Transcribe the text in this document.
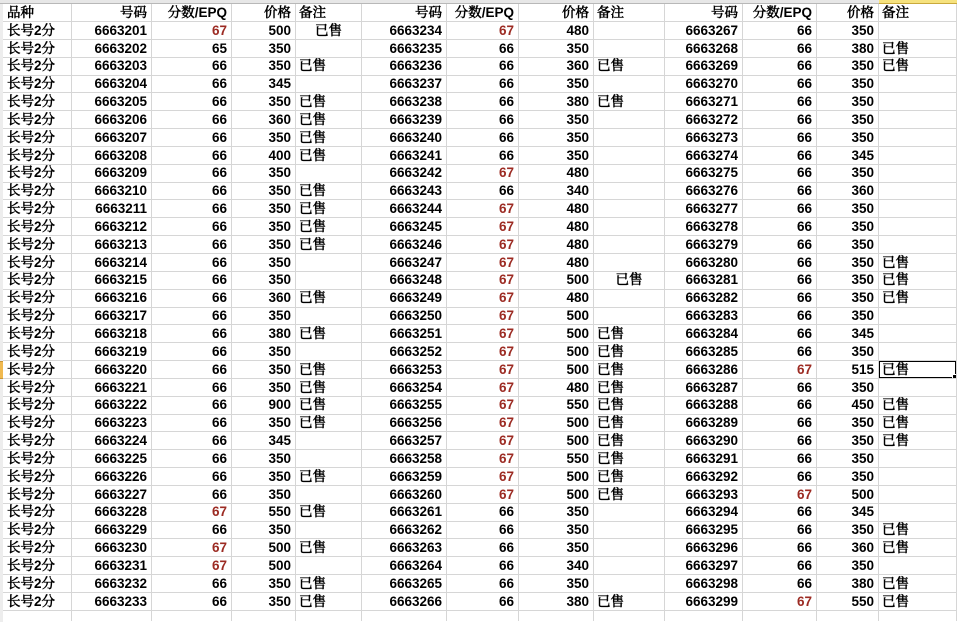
品种	号码	分数/EPQ	价格 备注	号码 分数/EPQ	价格 备注	号码	分数/EPQ	价格 备注
长号2分	6663201	67	500	已售	6663234	67	480	6663267	66	350
长号2分	6663202	65	350	6663235	66	350	6663268	66	380 已售
长号2分	6663203	66	350 已售	6663236	66	360 已售	6663269	66	350 已售
长号2分	6663204	66	345	6663237	66	350	6663270	66	350
长号2分	6663205	66	350 已售	6663238	66	380 已售	6663271	66	350
长号2分	6663206	66	360 已售	6663239	66	350	6663272	66	350
长号2分	6663207	66	350 已售	6663240	66	350	6663273	66	350
长号2分	6663208	66	400 已售	6663241	66	350	6663274	66	345
长号2分	6663209	66	350	6663242	67	480	6663275	66	350
长号2分	6663210	66	350 已售	6663243	66	340	6663276	66	360
长号2分	6663211	66	350 已售	6663244	67	480	6663277	66	350
长号2分	6663212	66	350 已售	6663245	67	480	6663278	66	350
长号2分	6663213	66	350 已售	6663246	67	480	6663279	66	350
长号2分	6663214	66	350	6663247	67	480	6663280	66	350 已售
长号2分	6663215	66	350	6663248	67	500	已售	6663281	66	350 已售
长号2分	6663216	66	360 已售	6663249	67	480	6663282	66	350 已售
长号2分	6663217	66	350	6663250	67	500	6663283	66	350
长号2分	6663218	66	380 已售	6663251	67	500 已售	6663284	66	345
长号2分	6663219	66	350	6663252	67	500 已售	6663285	66	350
长号2分	6663220	66	350 已售	6663253	67	500 已售	6663286	67	515 已售
长号2分	6663221	66	350 已售	6663254	67	480 已售	6663287	66	350
长号2分	6663222	66	900 已售	6663255	67	550 已售	6663288	66	450 已售
长号2分	6663223	66	350 已售	6663256	67	500 已售	6663289	66	350 已售
长号2分	6663224	66	345	6663257	67	500 已售	6663290	66	350 已售
长号2分	6663225	66	350	6663258	67	550 已售	6663291	66	350
长号2分	6663226	66	350 已售	6663259	67	500 已售	6663292	66	350
长号2分	6663227	66	350	6663260	67	500 已售	6663293	67	500
长号2分	6663228	67	550 已售	6663261	66	350	6663294	66	345
长号2分	6663229	66	350	6663262	66	350	6663295	66	350 已售
长号2分	6663230	67	500 已售	6663263	66	350	6663296	66	360 已售
长号2分	6663231	67	500	6663264	66	340	6663297	66	350
长号2分	6663232	66	350 已售	6663265	66	350	6663298	66	380 已售
长号2分	6663233	66	350 已售	6663266	66	380 已售	6663299	67	550 已售
